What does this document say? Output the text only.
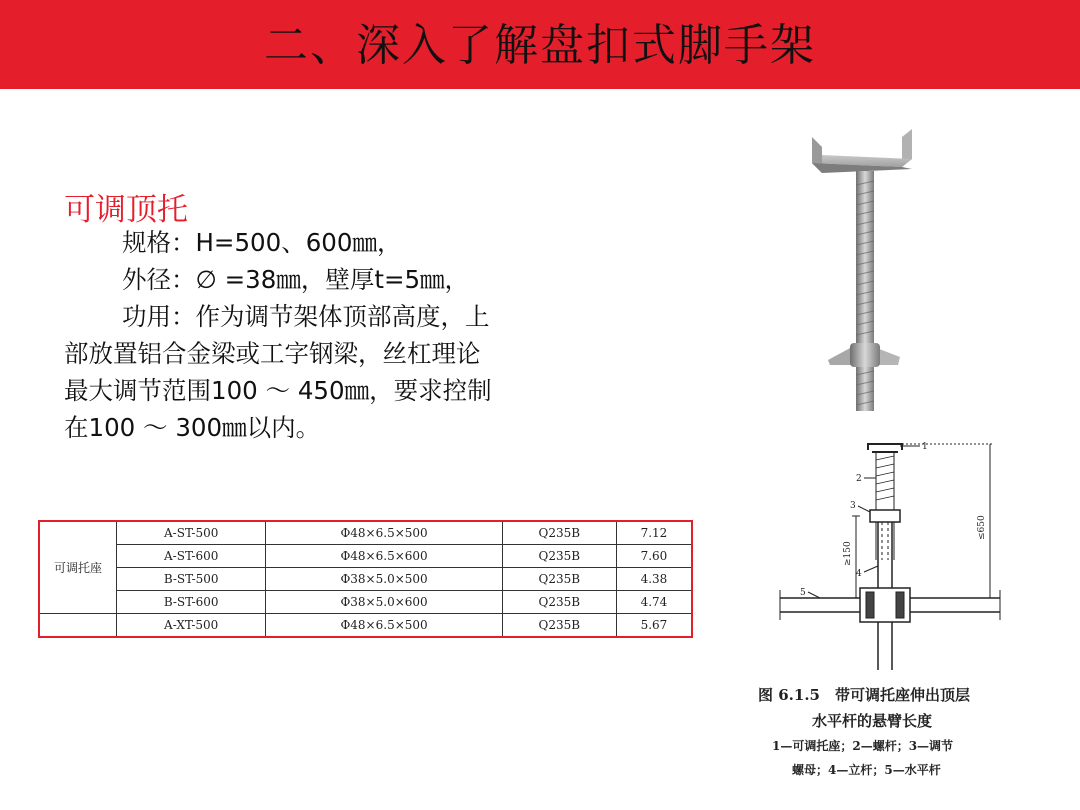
二、深入了解盘扣式脚手架
可调顶托

规格：H=500、600㎜，

外径：∅ =38㎜，壁厚t=5㎜，

功用：作为调节架体顶部高度，上

部放置铝合金梁或工字钢梁，丝杠理论

最大调节范围100 ～ 450㎜，要求控制

在100 ～ 300㎜以内。

可调托座	A-ST-500	Φ48×6.5×500	Q235B	7.12
	A-ST-600	Φ48×6.5×600	Q235B	7.60
	B-ST-500	Φ38×5.0×500	Q235B	4.38
	B-ST-600	Φ38×5.0×600	Q235B	4.74
	A-XT-500	Φ48×6.5×500	Q235B	5.67
1
2
3
4
5
≥150
≤650
图 6.1.5　带可调托座伸出顶层
水平杆的悬臂长度
1—可调托座；2—螺杆；3—调节
螺母；4—立杆；5—水平杆
